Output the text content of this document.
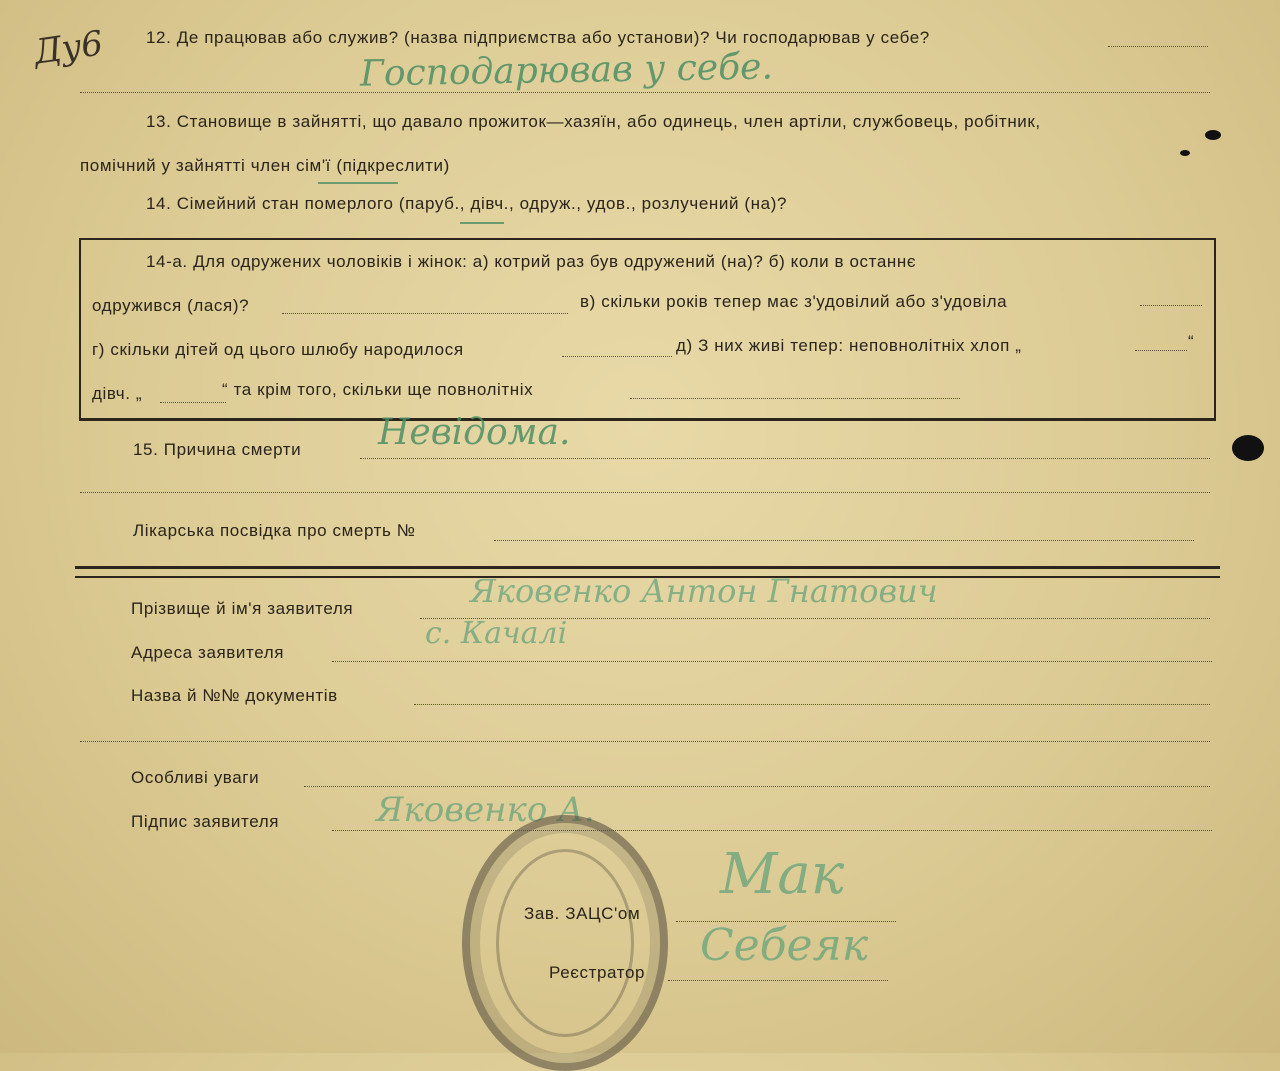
Ду6 12. Де працював або служив? (назва підприємства або установи)? Чи господарював у себе?
Господарював у себе.
13. Становище в зайнятті, що давало прожиток—хазяїн, або одинець, член артіли, службовець, робітник,
помічний у зайнятті член сім'ї (підкреслити)
14. Сімейний стан померлого (паруб., дівч., одруж., удов., розлучений (на)?
14-а. Для одружених чоловіків і жінок: а) котрий раз був одружений (на)? б) коли в останнє
одружився (лася)?	в) скільки років тепер має з'удовілий або з'удовіла
г) скільки дітей од цього шлюбу народилося	д) З них живі тепер: неповнолітніх хлоп „	“
дівч. „	“ та крім того, скільки ще повнолітніх
15. Причина смерти Невідома.
Лікарська посвідка про смерть №
Прізвище й ім'я заявителя	Яковенко Антон Гнатович
Адреса заявителя
с. Качалі
Назва й №№ документів
Особливі уваги
Підпис заявителя	Яковенко А.
Зав. ЗАЦС'ом
Мак
Реєстратор
Себеяк
